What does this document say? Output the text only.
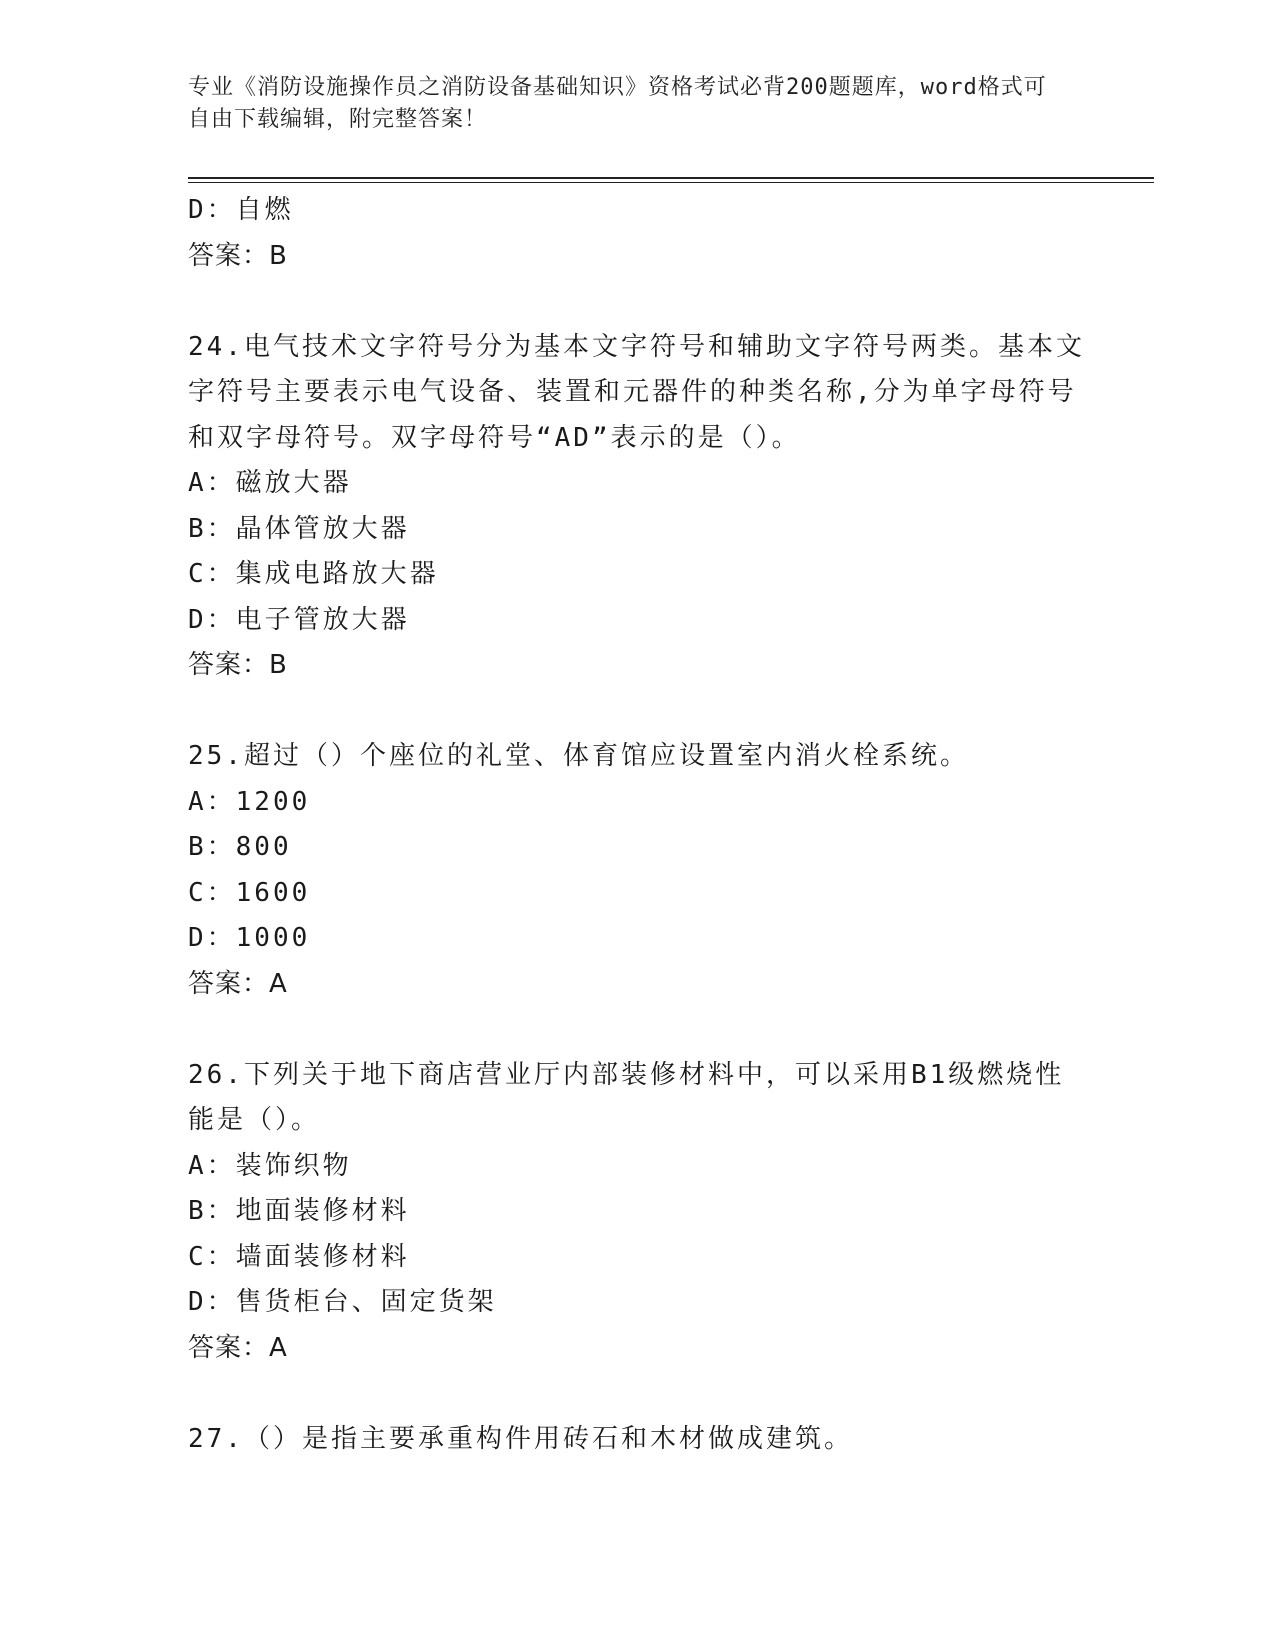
专业《消防设施操作员之消防设备基础知识》资格考试必背200题题库，word格式可自由下载编辑，附完整答案！
D：自燃
答案：B
24.电气技术文字符号分为基本文字符号和辅助文字符号两类。基本文
字符号主要表示电气设备、装置和元器件的种类名称,分为单字母符号
和双字母符号。双字母符号“AD”表示的是（）。
A：磁放大器
B：晶体管放大器
C：集成电路放大器
D：电子管放大器
答案：B
25.超过（）个座位的礼堂、体育馆应设置室内消火栓系统。
A：1200
B：800
C：1600
D：1000
答案：A
26.下列关于地下商店营业厅内部装修材料中，可以采用B1级燃烧性
能是（）。
A：装饰织物
B：地面装修材料
C：墙面装修材料
D：售货柜台、固定货架
答案：A
27.（）是指主要承重构件用砖石和木材做成建筑。
